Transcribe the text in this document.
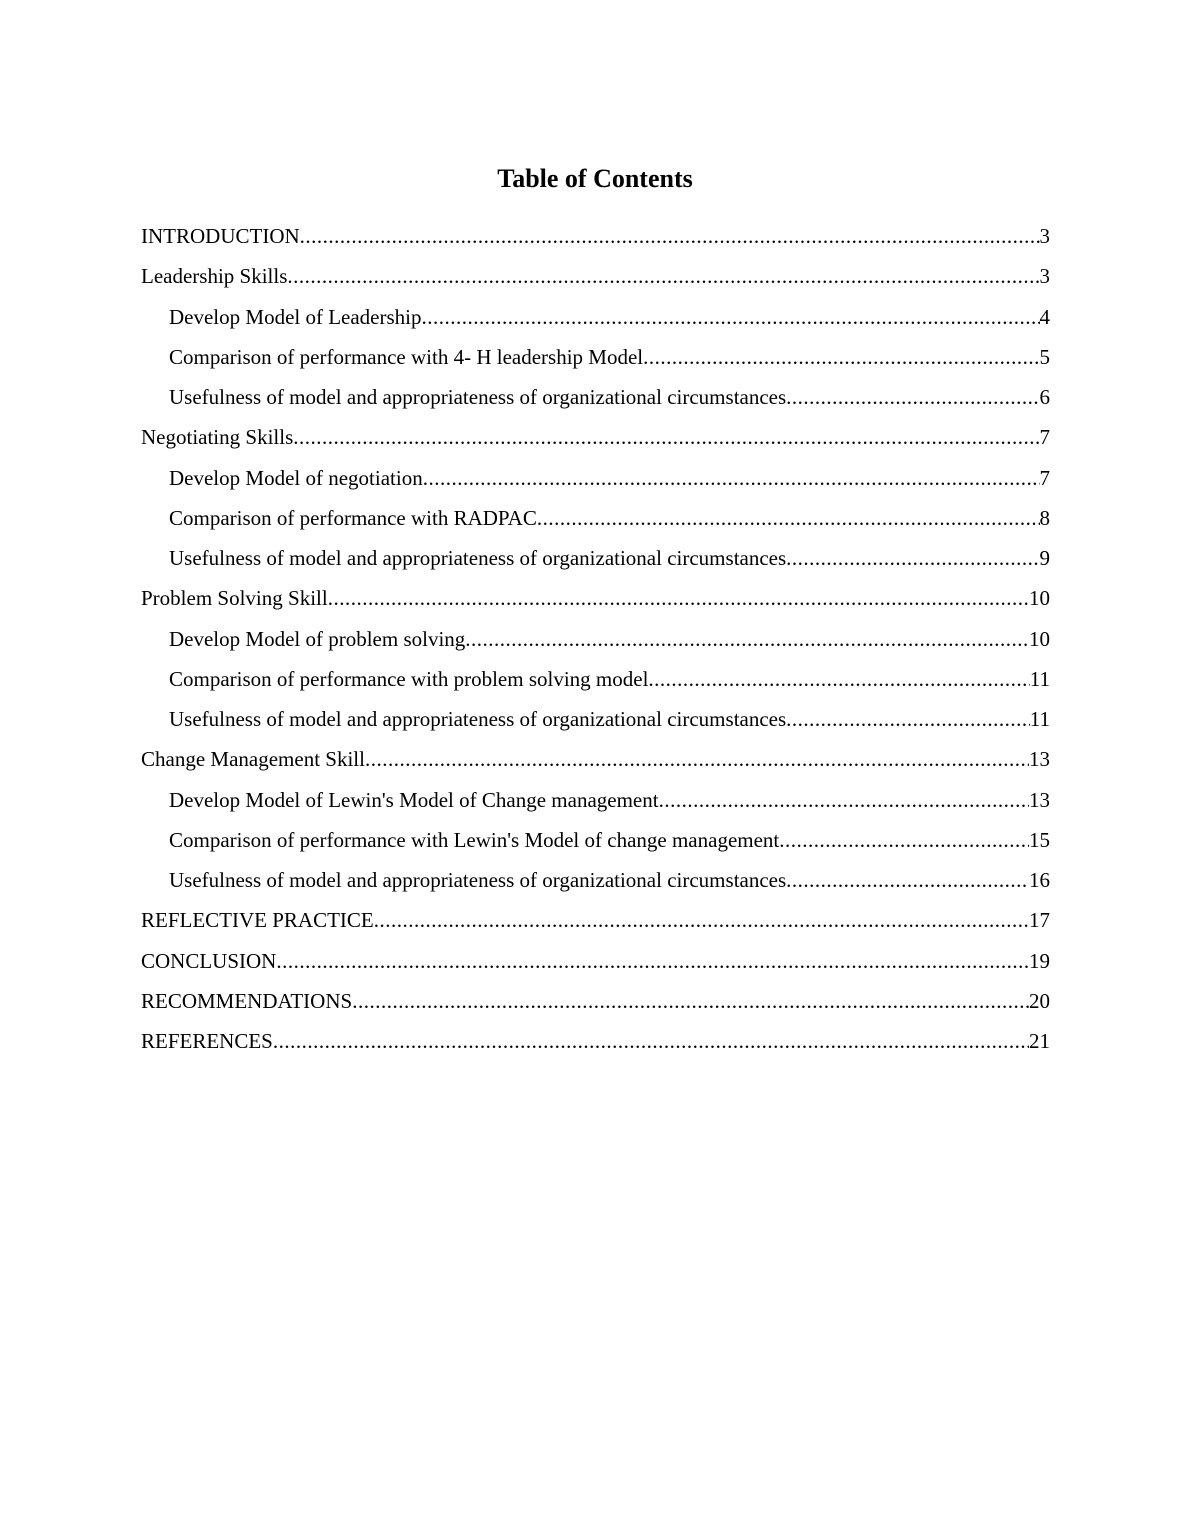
Table of Contents
INTRODUCTION .....	3
Leadership Skills .....	3
Develop Model of Leadership .....	4
Comparison of performance with 4- H leadership Model .....	5
Usefulness of model and appropriateness of organizational circumstances .....	6
Negotiating Skills .....	7
Develop Model of negotiation .....	7
Comparison of performance with RADPAC .....	8
Usefulness of model and appropriateness of organizational circumstances .....	9
Problem Solving Skill .....	10
Develop Model of problem solving .....	10
Comparison of performance with problem solving model .....	11
Usefulness of model and appropriateness of organizational circumstances .....	11
Change Management Skill .....	13
Develop Model of Lewin's Model of Change management .....	13
Comparison of performance with Lewin's Model of change management .....	15
Usefulness of model and appropriateness of organizational circumstances .....	16
REFLECTIVE PRACTICE .....	17
CONCLUSION .....	19
RECOMMENDATIONS .....	20
REFERENCES .....	21
